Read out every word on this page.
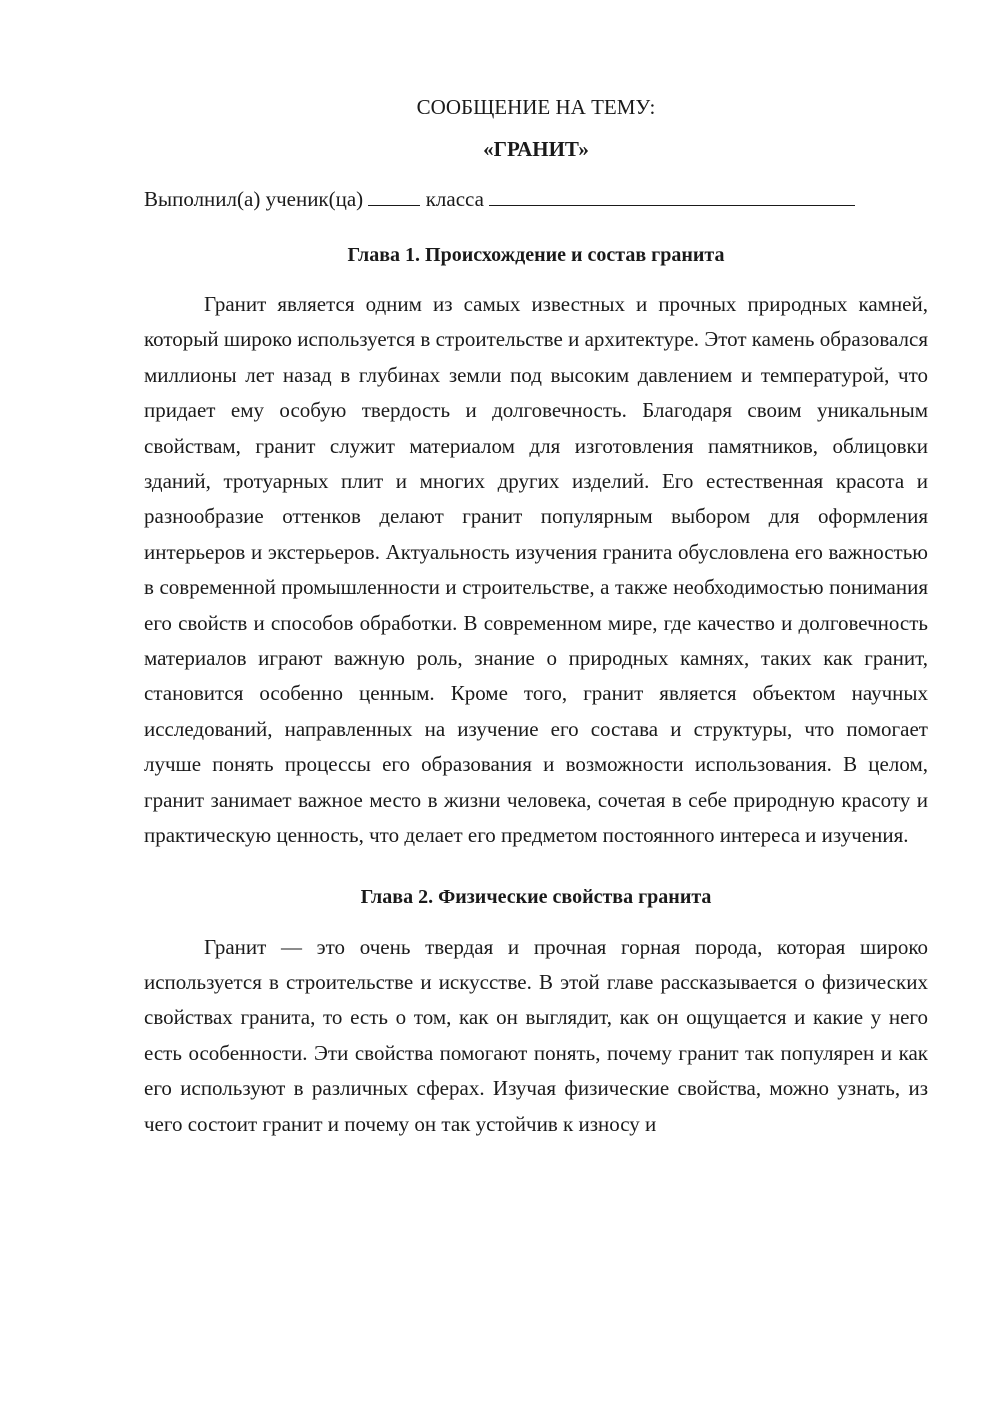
СООБЩЕНИЕ НА ТЕМУ:
«ГРАНИТ»

Выполнил(а) ученик(ца)	класса

Глава 1. Происхождение и состав гранита

Гранит является одним из самых известных и прочных природных камней, который широко используется в строительстве и архитектуре. Этот камень образовался миллионы лет назад в глубинах земли под высоким давлением и температурой, что придает ему особую твердость и долговечность. Благодаря своим уникальным свойствам, гранит служит материалом для изготовления памятников, облицовки зданий, тротуарных плит и многих других изделий. Его естественная красота и разнообразие оттенков делают гранит популярным выбором для оформления интерьеров и экстерьеров. Актуальность изучения гранита обусловлена его важностью в современной промышленности и строительстве, а также необходимостью понимания его свойств и способов обработки. В современном мире, где качество и долговечность материалов играют важную роль, знание о природных камнях, таких как гранит, становится особенно ценным. Кроме того, гранит является объектом научных исследований, направленных на изучение его состава и структуры, что помогает лучше понять процессы его образования и возможности использования. В целом, гранит занимает важное место в жизни человека, сочетая в себе природную красоту и практическую ценность, что делает его предметом постоянного интереса и изучения.

Глава 2. Физические свойства гранита

Гранит — это очень твердая и прочная горная порода, которая широко используется в строительстве и искусстве. В этой главе рассказывается о физических свойствах гранита, то есть о том, как он выглядит, как он ощущается и какие у него есть особенности. Эти свойства помогают понять, почему гранит так популярен и как его используют в различных сферах. Изучая физические свойства, можно узнать, из чего состоит гранит и почему он так устойчив к износу и
